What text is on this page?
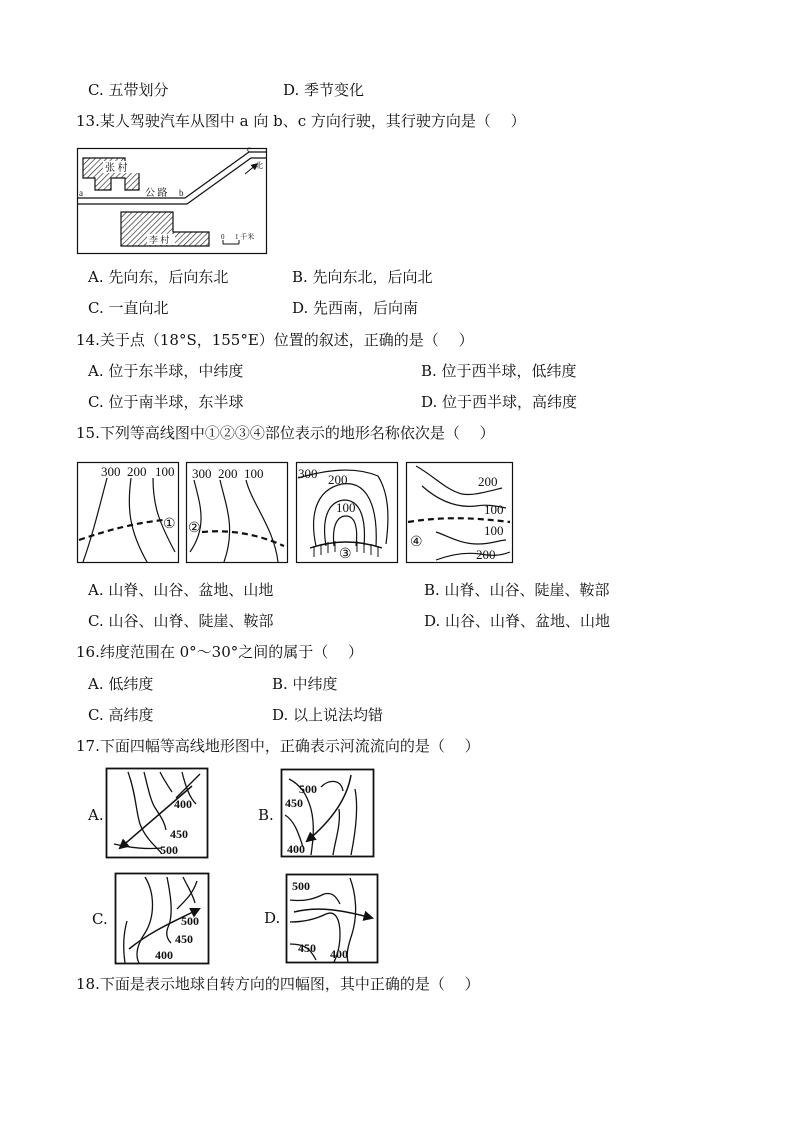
C. 五带划分	D. 季节变化
13.某人驾驶汽车从图中 a 向 b、c 方向行驶，其行驶方向是（　 ）
张 村
a	公 路 b
c
北
李 村	0 1 千米
A. 先向东，后向东北	B. 先向东北，后向北
C. 一直向北	D. 先西南，后向南
14.关于点（18°S，155°E）位置的叙述，正确的是（　 ）
A. 位于东半球，中纬度	B. 位于西半球，低纬度
C. 位于南半球，东半球	D. 位于西半球，高纬度
15.下列等高线图中①②③④部位表示的地形名称依次是（　 ）
300 200 100
①
300 200 100
②
300 200
100
③
200
100
100
200
④
A. 山脊、山谷、盆地、山地	B. 山脊、山谷、陡崖、鞍部
C. 山谷、山脊、陡崖、鞍部	D. 山谷、山脊、盆地、山地
16.纬度范围在 0°～30°之间的属于（　 ）
A. 低纬度	B. 中纬度
C. 高纬度	D. 以上说法均错
17.下面四幅等高线地形图中，正确表示河流流向的是（　 ）
A.
400
450
500
B.
500
450
400
C.	500
450
400
D.
500
450 400
18.下面是表示地球自转方向的四幅图，其中正确的是（　 ）
